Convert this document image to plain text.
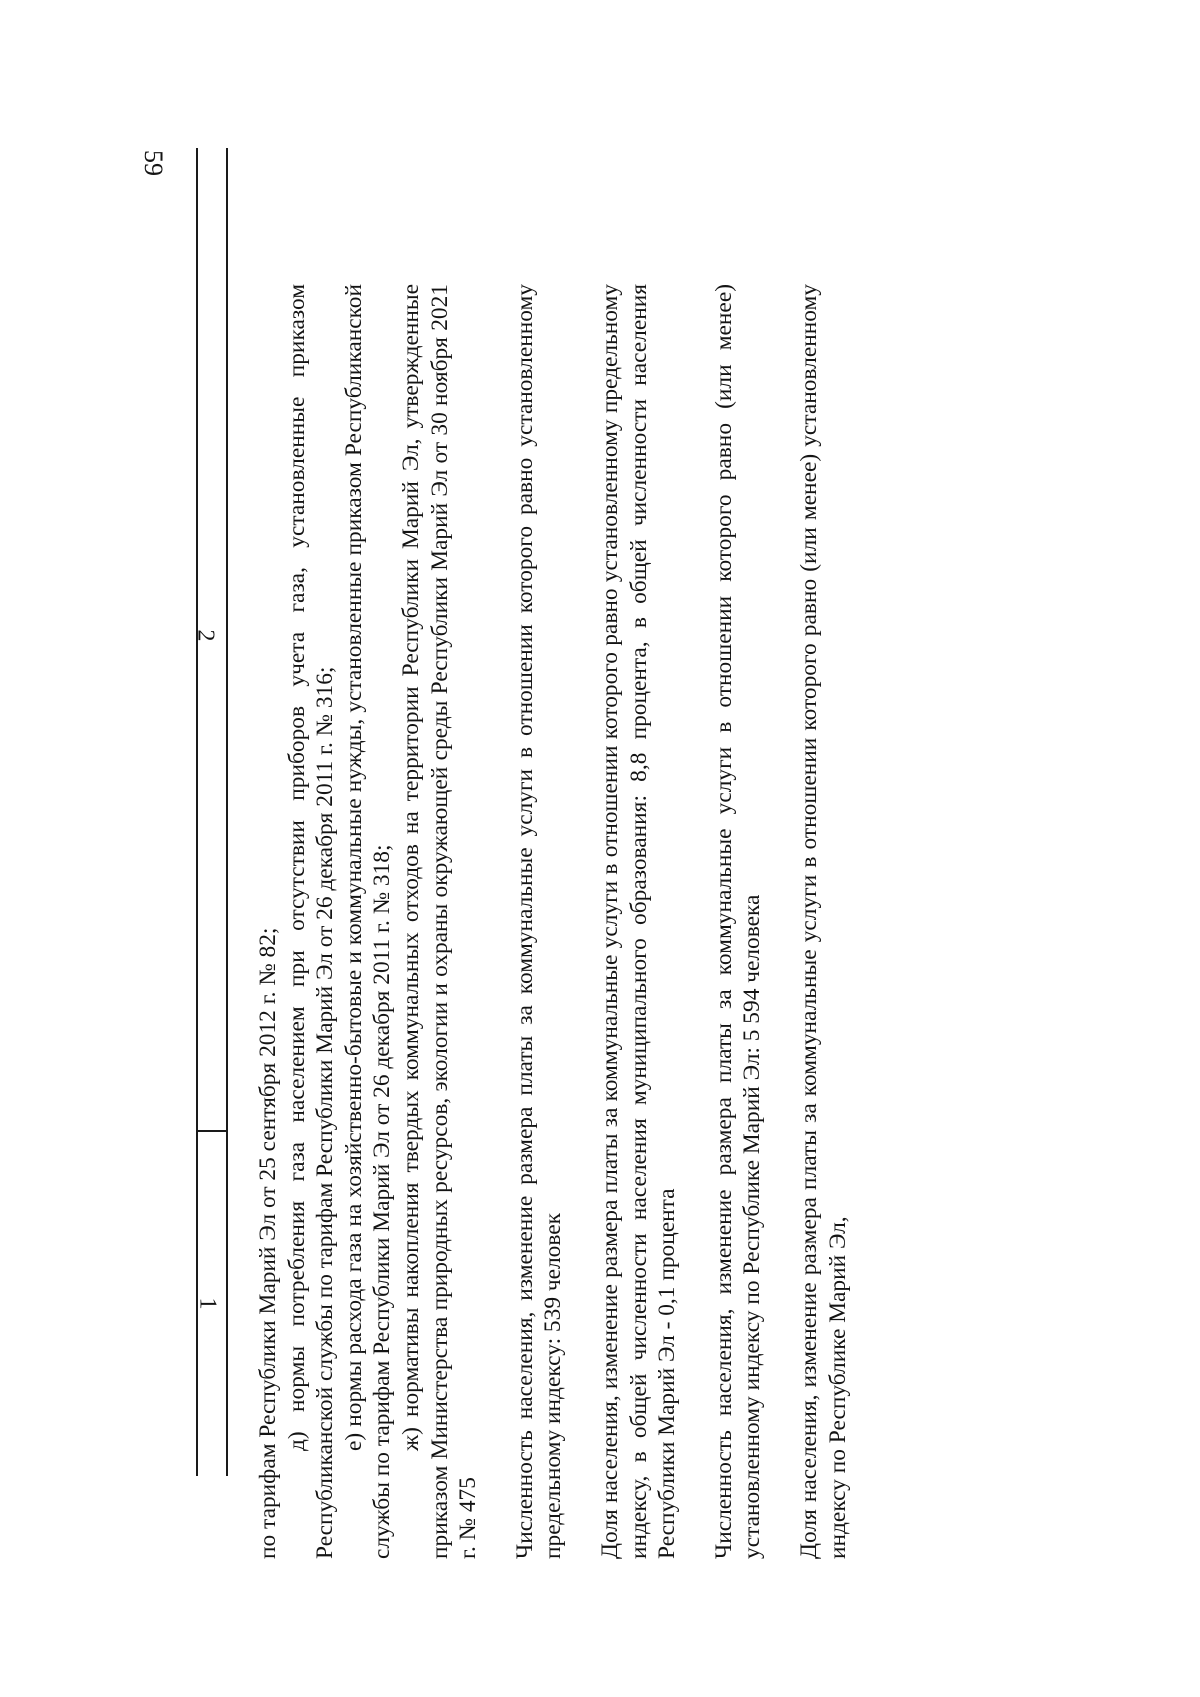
по тарифам Республики Марий Эл от 25 сентября 2012 г. № 82; д) нормы потребления газа населением при отсутствии приборов учета газа, установленные приказом Республиканской службы по тарифам Республики Марий Эл от 26 декабря 2011 г. № 316; е) нормы расхода газа на хозяйственно-бытовые и коммунальные нужды, установленные приказом Республиканской службы по тарифам Республики Марий Эл от 26 декабря 2011 г. № 318; ж) нормативы накопления твердых коммунальных отходов на территории Республики Марий Эл, утвержденные приказом Министерства природных ресурсов, экологии и охраны окружающей среды Республики Марий Эл от 30 ноября 2021 г. № 475 Численность населения, изменение размера платы за коммунальные услуги в отношении которого равно установленному предельному индексу: 539 человек Доля населения, изменение размера платы за коммунальные услуги в отношении которого равно установленному предельному индексу, в общей численности населения муниципального образования: 8,8 процента, в общей численности населения Республики Марий Эл - 0,1 процента Численность населения, изменение размера платы за коммунальные услуги в отношении которого равно (или менее) установленному индексу по Республике Марий Эл: 5 594 человека Доля населения, изменение размера платы за коммунальные услуги в отношении которого равно (или менее) установленному индексу по Республике Марий Эл,

2
1
59
